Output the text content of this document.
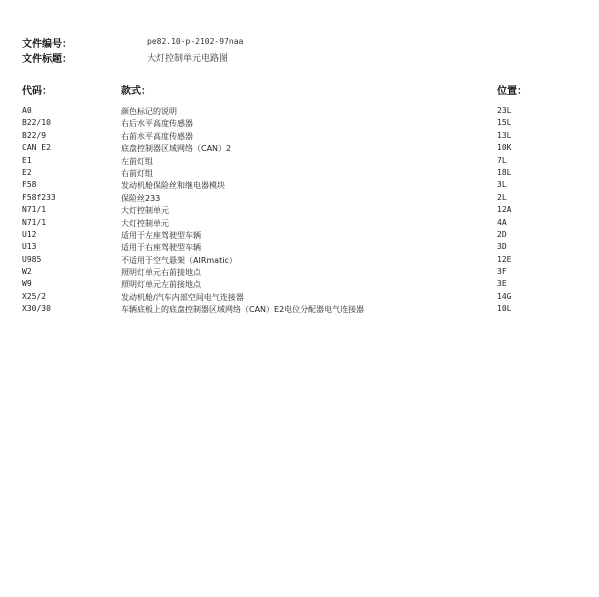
文件编号：	pe82.10-p-2102-97naa
文件标题：	大灯控制单元电路图
代码：	款式：	位置：
A0	颜色标记的说明	23L
B22/10	右后水平高度传感器	15L
B22/9	右前水平高度传感器	13L
CAN E2	底盘控制器区域网络（CAN）2	10K
E1	左前灯组	7L
E2	右前灯组	18L
F58	发动机舱保险丝和继电器模块	3L
F58f233	保险丝233	2L
N71/1	大灯控制单元	12A
N71/1	大灯控制单元	4A
U12	适用于左座驾驶型车辆	2D
U13	适用于右座驾驶型车辆	3D
U985	不适用于空气悬架（AIRmatic）	12E
W2	照明灯单元右前接地点	3F
W9	照明灯单元左前接地点	3E
X25/2	发动机舱/汽车内部空间电气连接器	14G
X30/30	车辆底板上的底盘控制器区域网络（CAN）E2电位分配器电气连接器	10L
